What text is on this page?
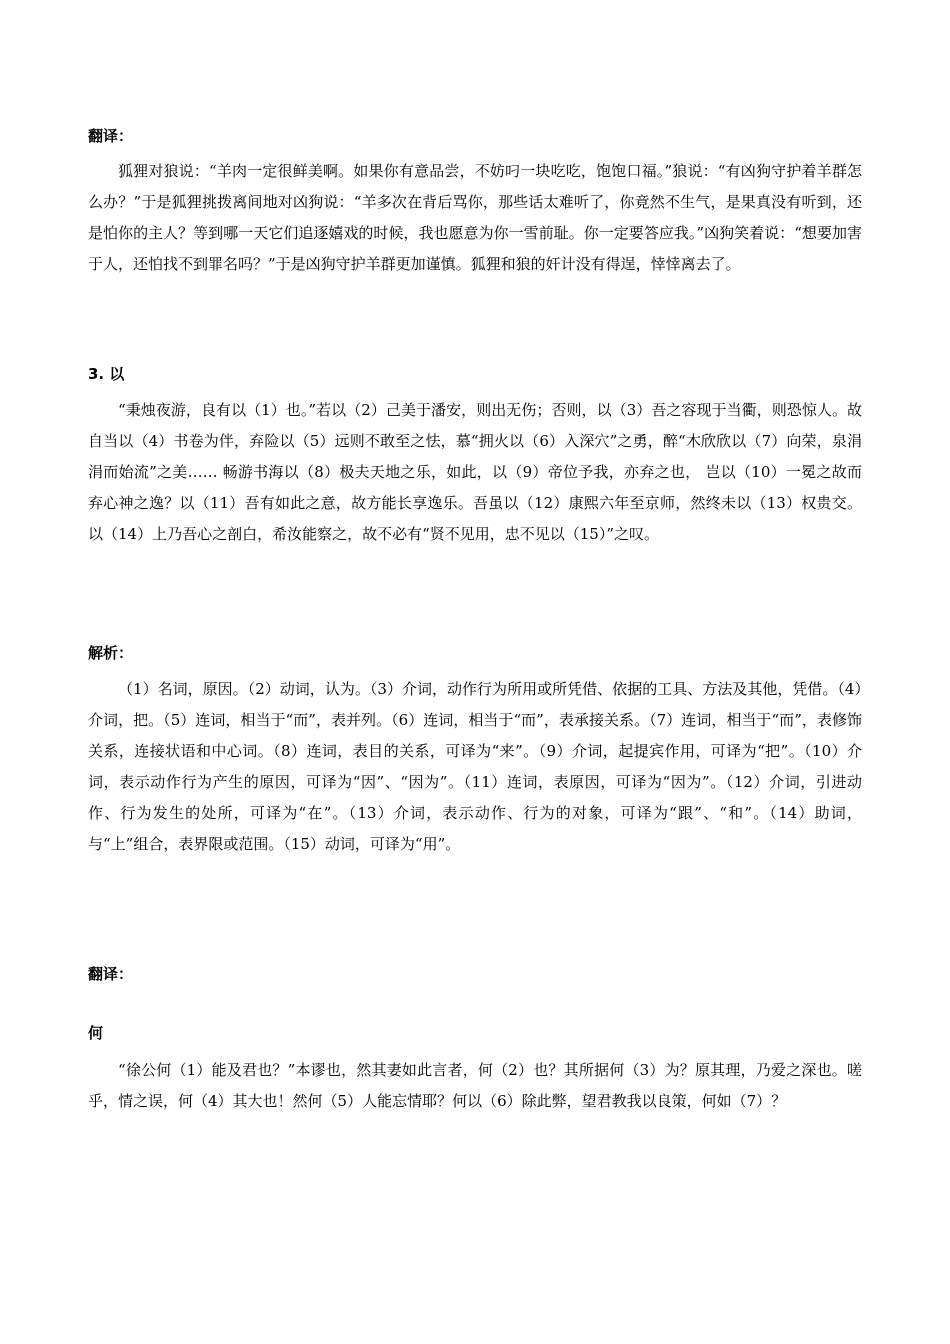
翻译：

狐狸对狼说：“羊肉一定很鲜美啊。如果你有意品尝，不妨叼一块吃吃，饱饱口福。”狼说：“有凶狗守护着羊群怎么办？”于是狐狸挑拨离间地对凶狗说：“羊多次在背后骂你，那些话太难听了，你竟然不生气，是果真没有听到，还是怕你的主人？等到哪一天它们追逐嬉戏的时候，我也愿意为你一雪前耻。你一定要答应我。”凶狗笑着说：“想要加害于人，还怕找不到罪名吗？”于是凶狗守护羊群更加谨慎。狐狸和狼的奸计没有得逞，悻悻离去了。

3. 以

“秉烛夜游，良有以（1）也。”若以（2）己美于潘安，则出无伤；否则，以（3）吾之容现于当衢，则恐惊人。故自当以（4）书卷为伴，弃险以（5）远则不敢至之怯，慕“拥火以（6）入深穴”之勇，醉“木欣欣以（7）向荣，泉涓涓而始流”之美…… 畅游书海以（8）极夫天地之乐，如此，以（9）帝位予我，亦弃之也， 岂以（10）一冕之故而弃心神之逸？以（11）吾有如此之意，故方能长享逸乐。吾虽以（12）康熙六年至京师，然终未以（13）权贵交。以（14）上乃吾心之剖白，希汝能察之，故不必有“贤不见用，忠不见以（15）”之叹。

解析：

（1）名词，原因。（2）动词，认为。（3）介词，动作行为所用或所凭借、依据的工具、方法及其他，凭借。（4）介词，把。（5）连词，相当于“而”，表并列。（6）连词，相当于“而”，表承接关系。（7）连词，相当于“而”，表修饰关系，连接状语和中心词。（8）连词，表目的关系，可译为“来”。（9）介词，起提宾作用，可译为“把”。（10）介词，表示动作行为产生的原因，可译为“因”、“因为”。（11）连词，表原因，可译为“因为”。（12）介词，引进动作、行为发生的处所，可译为“在”。（13）介词，表示动作、行为的对象，可译为“跟”、“和”。（14）助词，与“上”组合，表界限或范围。（15）动词，可译为“用”。

翻译：
何

“徐公何（1）能及君也？”本谬也，然其妻如此言者，何（2）也？其所据何（3）为？原其理，乃爱之深也。嗟乎，情之误，何（4）其大也！然何（5）人能忘情耶？何以（6）除此弊，望君教我以良策，何如（7）？
